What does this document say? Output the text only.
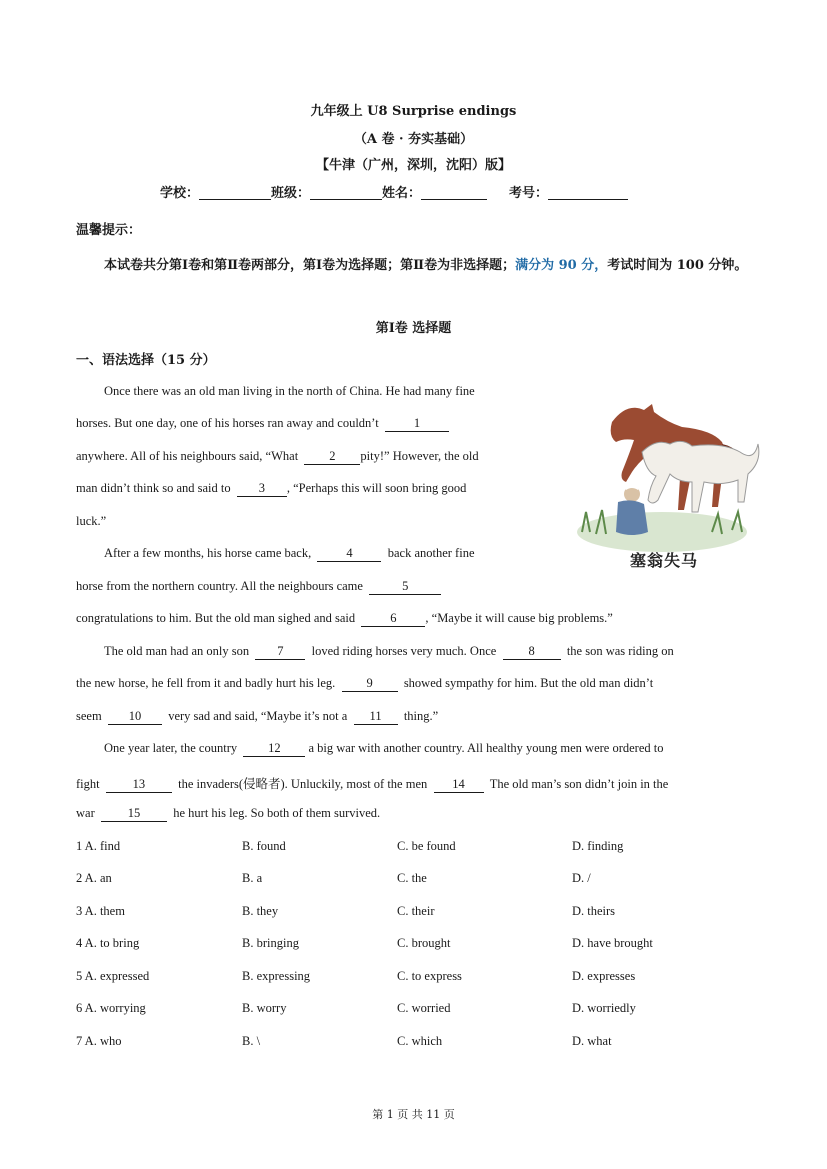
九年级上 U8 Surprise endings
（A 卷 · 夯实基础）
【牛津（广州，深圳，沈阳）版】
学校：	班级：	姓名：	考号：
温馨提示：
本试卷共分第Ⅰ卷和第Ⅱ卷两部分，第Ⅰ卷为选择题；第Ⅱ卷为非选择题；满分为 90 分，考试时间为 100 分钟。
第Ⅰ卷 选择题
一、语法选择（15 分）
Once there was an old man living in the north of China. He had many fine
horses. But one day, one of his horses ran away and couldn’t	1
anywhere. All of his neighbours said, “What 2 pity!” However, the old
man didn’t think so and said to 3 , “Perhaps this will soon bring good
luck.”
After a few months, his horse came back,	4	back another fine
horse from the northern country. All the neighbours came	5
congratulations to him. But the old man sighed and said	6 , “Maybe it will cause big problems.”
The old man had an only son 7 loved riding horses very much. Once	8	the son was riding on
the new horse, he fell from it and badly hurt his leg. 9 showed sympathy for him. But the old man didn’t
seem 10 very sad and said, “Maybe it’s not a 11 thing.”
One year later, the country 12 a big war with another country. All healthy young men were ordered to
fight	13	the invaders(侵略者). Unluckily, most of the men 14 The old man’s son didn’t join in the
war	15	he hurt his leg. So both of them survived.
塞翁失马
1 A. find	B. found	C. be found	D. finding
2 A. an	B. a	C. the	D. /
3 A. them	B. they	C. their	D. theirs
4 A. to bring	B. bringing	C. brought	D. have brought
5 A. expressed	B. expressing	C. to express	D. expresses
6 A. worrying	B. worry	C. worried	D. worriedly
7 A. who	B. \	C. which	D. what
第 1 页 共 11 页
